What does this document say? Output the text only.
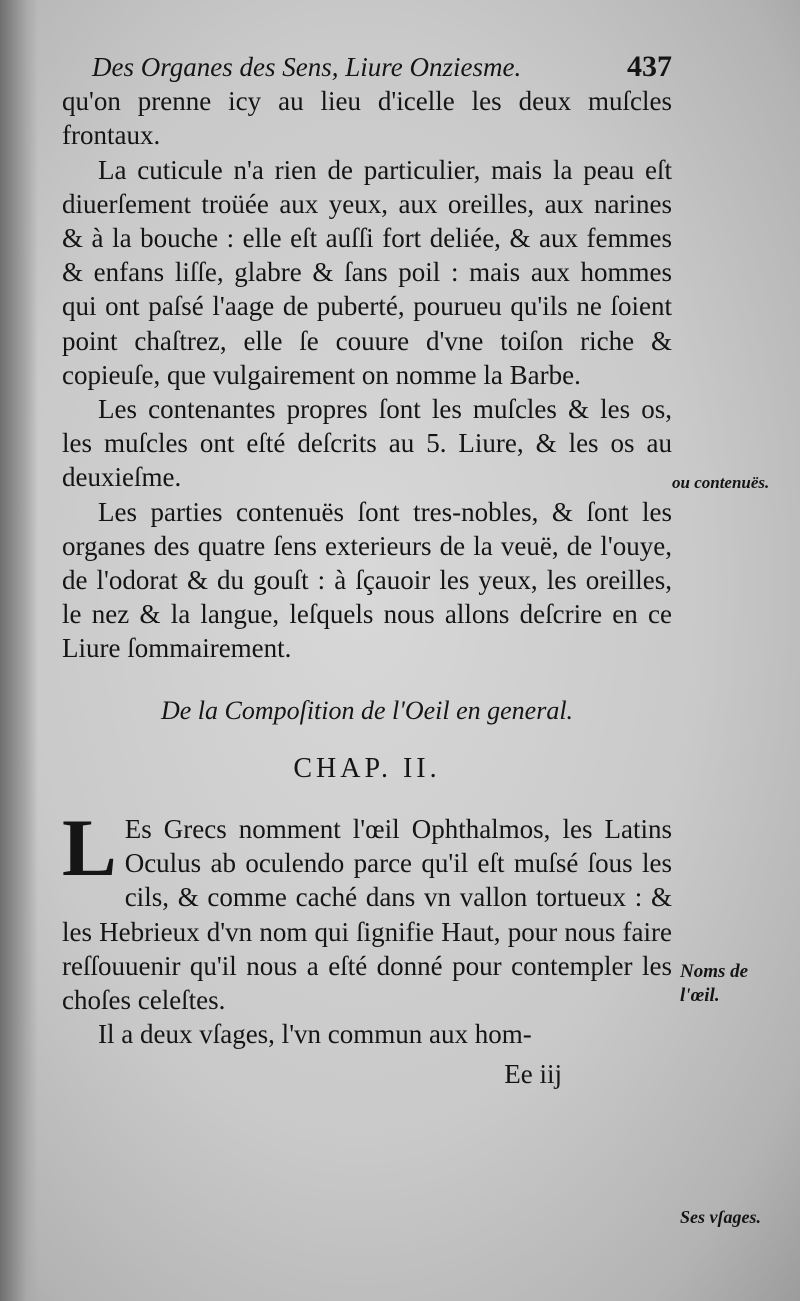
Des Organes des Sens, Liure Onziesme.	437

qu'on prenne icy au lieu d'icelle les deux muſcles frontaux.

La cuticule n'a rien de particulier, mais la peau eſt diuerſement troüée aux yeux, aux oreilles, aux narines & à la bouche : elle eſt auſſi fort deliée, & aux femmes & enfans liſſe, glabre & ſans poil : mais aux hommes qui ont paſsé l'aage de puberté, pourueu qu'ils ne ſoient point chaſtrez, elle ſe couure d'vne toiſon riche & copieuſe, que vulgairement on nomme la Barbe.

Les contenantes propres ſont les muſcles & les os, les muſcles ont eſté deſcrits au 5. Liure, & les os au deuxieſme.

Les parties contenuës ſont tres-nobles, & ſont les organes des quatre ſens exterieurs de la veuë, de l'ouye, de l'odorat & du gouſt : à ſçauoir les yeux, les oreilles, le nez & la langue, leſquels nous allons deſcrire en ce Liure ſommairement.

De la Compoſition de l'Oeil en general.
CHAP. II.

L Es Grecs nomment l'œil Ophthalmos, les Latins Oculus ab oculendo parce qu'il eſt muſsé ſous les cils, & comme caché dans vn vallon tortueux : & les Hebrieux d'vn nom qui ſignifie Haut, pour nous faire reſſouuenir qu'il nous a eſté donné pour contempler les choſes celeſtes.

Il a deux vſages, l'vn commun aux hom-

Ee iij
ou contenuës.
Noms de l'œil.
Ses vſages.
